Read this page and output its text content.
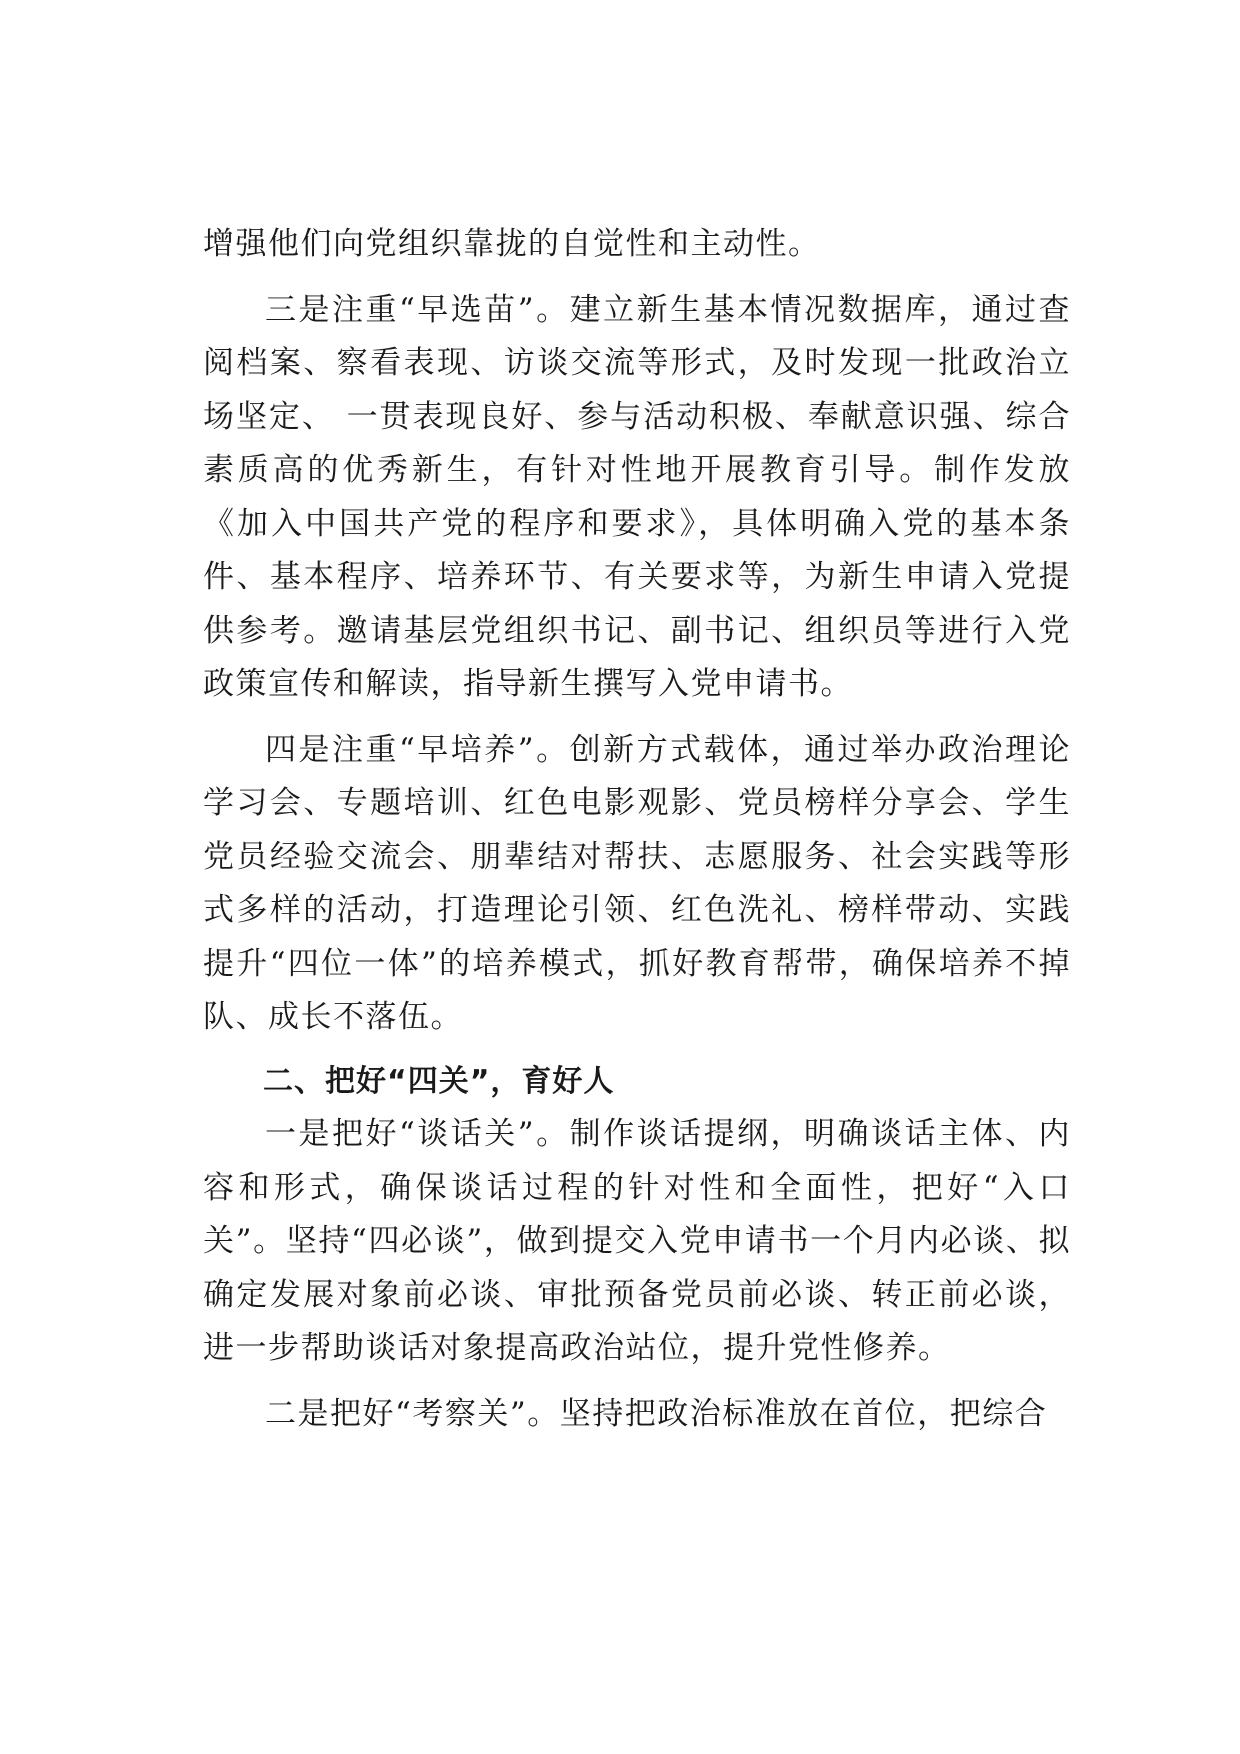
增强他们向党组织靠拢的自觉性和主动性。

三是注重“早选苗”。建立新生基本情况数据库，通过查阅档案、察看表现、访谈交流等形式，及时发现一批政治立场坚定、 一贯表现良好、参与活动积极、奉献意识强、综合素质高的优秀新生，有针对性地开展教育引导。制作发放《加入中国共产党的程序和要求》，具体明确入党的基本条件、基本程序、培养环节、有关要求等，为新生申请入党提供参考。邀请基层党组织书记、副书记、组织员等进行入党政策宣传和解读，指导新生撰写入党申请书。

四是注重“早培养”。创新方式载体，通过举办政治理论学习会、专题培训、红色电影观影、党员榜样分享会、学生党员经验交流会、朋辈结对帮扶、志愿服务、社会实践等形式多样的活动，打造理论引领、红色洗礼、榜样带动、实践提升“四位一体”的培养模式，抓好教育帮带，确保培养不掉队、成长不落伍。

二、把好“四关”，育好人

一是把好“谈话关”。制作谈话提纲，明确谈话主体、内容和形式，确保谈话过程的针对性和全面性，把好“入口关”。坚持“四必谈”，做到提交入党申请书一个月内必谈、拟确定发展对象前必谈、审批预备党员前必谈、转正前必谈，进一步帮助谈话对象提高政治站位，提升党性修养。

二是把好“考察关”。坚持把政治标准放在首位，把综合
